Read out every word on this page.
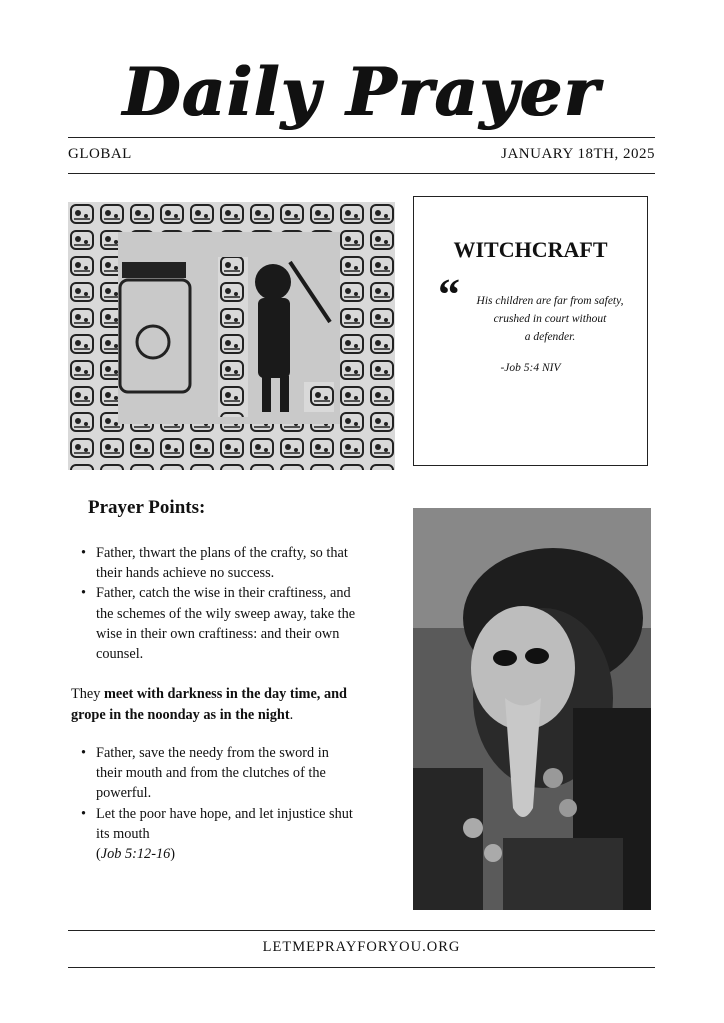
Daily Prayer
GLOBAL	JANUARY 18TH, 2025
WITCHCRAFT
“	His children are far from safety,
crushed in court without
a defender.
-Job 5:4 NIV
Prayer Points:
• Father, thwart the plans of the crafty, so that their hands achieve no success.
• Father, catch the wise in their craftiness, and the schemes of the wily sweep away, take the wise in their own craftiness: and their own counsel.
They meet with darkness in the day time, and grope in the noonday as in the night.
• Father, save the needy from the sword in their mouth and from the clutches of the powerful.
• Let the poor have hope, and let injustice shut its mouth
(Job 5:12-16)
LETMEPRAYFORYOU.ORG
